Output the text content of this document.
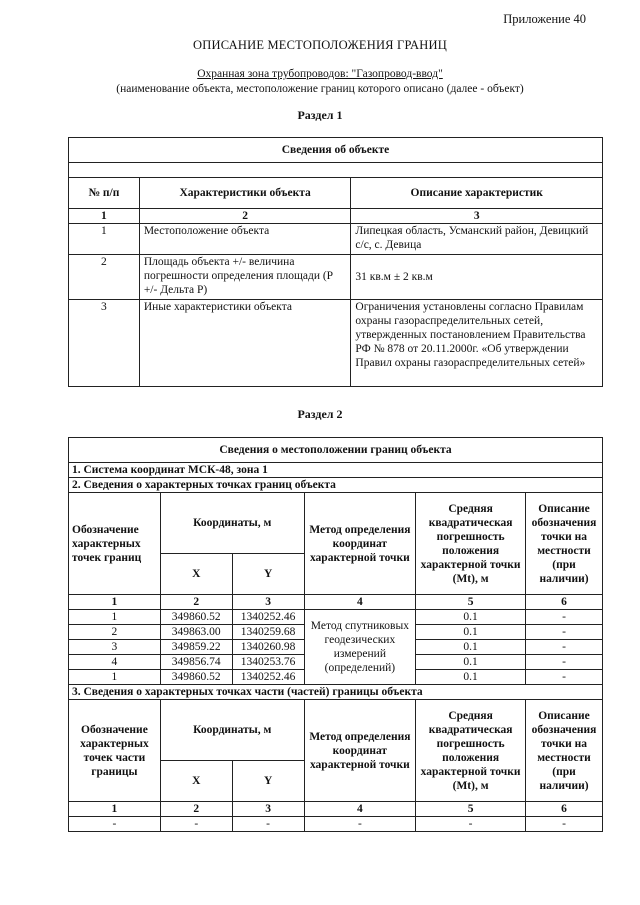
Приложение 40
ОПИСАНИЕ МЕСТОПОЛОЖЕНИЯ ГРАНИЦ
Охранная зона трубопроводов: "Газопровод-ввод"
(наименование объекта, местоположение границ которого описано (далее - объект)
Раздел 1
Сведения об объекте		

№ п/п	Характеристики объекта	Описание характеристик
1	2	3
1	Местоположение объекта	Липецкая область, Усманский район, Девицкий с/с, с. Девица
2	Площадь объекта +/- величина погрешности определения площади (Р +/- Дельта Р)	31 кв.м ± 2 кв.м
3	Иные характеристики объекта	Ограничения установлены согласно Правилам охраны газораспределительных сетей, утвержденных постановлением Правительства РФ № 878 от 20.11.2000г. «Об утверждении Правил охраны газораспределительных сетей»
Раздел 2
Сведения о местоположении границ объекта					
1. Система координат МСК-48, зона 1					
2. Сведения о характерных точках границ объекта					
Обозначение характерных точек границ	Координаты, м		Метод определения координат характерной точки	Средняя квадратическая погрешность положения характерной точки (Mt), м	Описание обозначения точки на местности (при наличии)
	X	Y			
1	2	3	4	5	6
1	349860.52	1340252.46	Метод спутниковых геодезических измерений (определений)	0.1	-
2	349863.00	1340259.68		0.1	-
3	349859.22	1340260.98		0.1	-
4	349856.74	1340253.76		0.1	-
1	349860.52	1340252.46		0.1	-
3. Сведения о характерных точках части (частей) границы объекта					
Обозначение характерных точек части границы	Координаты, м		Метод определения координат характерной точки	Средняя квадратическая погрешность положения характерной точки (Mt), м	Описание обозначения точки на местности (при наличии)
	X	Y			
1	2	3	4	5	6
-	-	-	-	-	-
